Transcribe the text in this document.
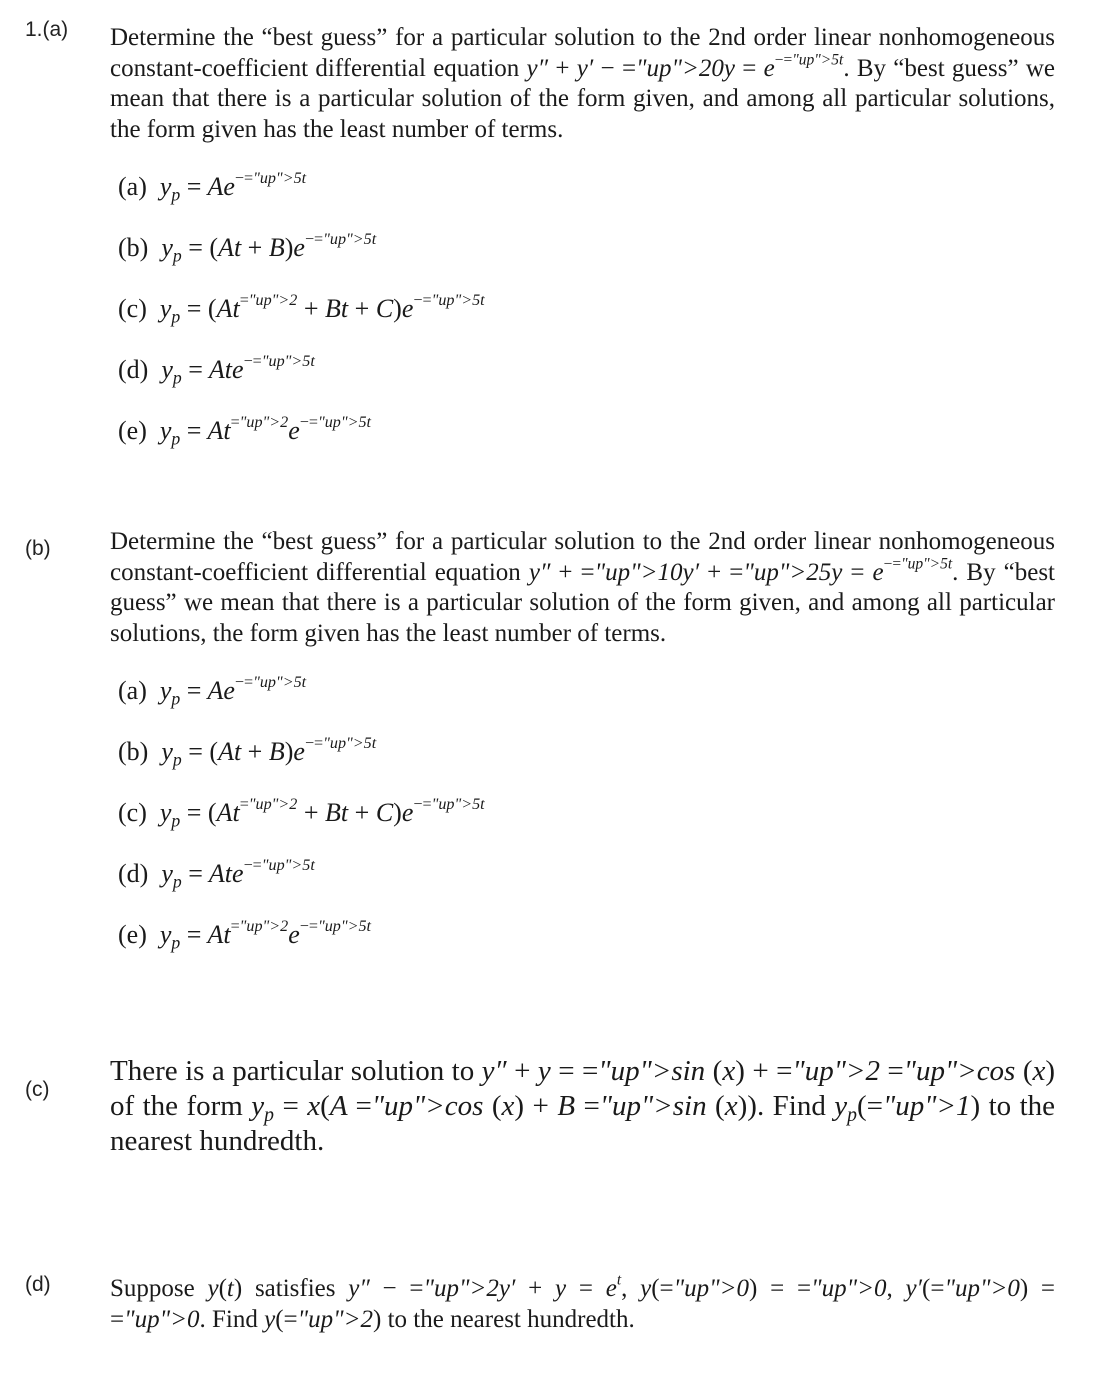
1.(a) Determine the “best guess” for a particular solution to the 2nd order linear nonhomogeneous constant-coefficient differential equation y″ + y′ − ="up">20y = $e^{-="up">5t}$. By “best guess” we mean that there is a particular solution of the form given, and among all particular solutions, the form given has the least number of terms.
(a) $y_p = Ae^{-="up">5t}$
(b) $y_p = (At + B)e^{-="up">5t}$
(c) $y_p = (At^{="up">2} + Bt + C)e^{-="up">5t}$
(d) $y_p = Ate^{-="up">5t}$
(e) $y_p = At^{="up">2}e^{-="up">5t}$
(b) Determine the “best guess” for a particular solution to the 2nd order linear nonhomogeneous constant-coefficient differential equation y″ + ="up">10y′ + ="up">25y = $e^{-="up">5t}$. By “best guess” we mean that there is a particular solution of the form given, and among all particular solutions, the form given has the least number of terms.
(a) $y_p = Ae^{-="up">5t}$
(b) $y_p = (At + B)e^{-="up">5t}$
(c) $y_p = (At^{="up">2} + Bt + C)e^{-="up">5t}$
(d) $y_p = Ate^{-="up">5t}$
(e) $y_p = At^{="up">2}e^{-="up">5t}$
(c)
There is a particular solution to y″ + y = ="up">sin (x) + ="up">2 ="up">cos (x) of the form $y_p = x(A$ ="up">cos (x) + B ="up">sin (x)). Find $y_p(="up">1)$ to the nearest hundredth.
(d) Suppose y(t) satisfies y″ − ="up">2y′ + $y = e^t$, y(="up">0) = ="up">0, y′(="up">0) = ="up">0. Find y(="up">2) to the nearest hundredth.
